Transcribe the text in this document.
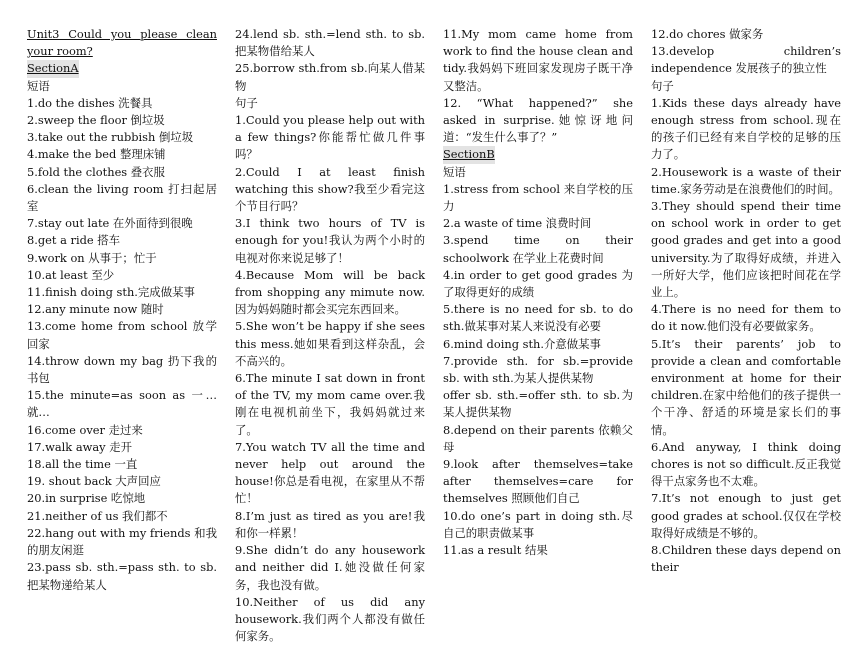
Unit3 Could you please clean your room?

SectionA

短语

1.do the dishes 洗餐具

2.sweep the floor 倒垃圾

3.take out the rubbish 倒垃圾

4.make the bed 整理床铺

5.fold the clothes 叠衣服

6.clean the living room 打扫起居室

7.stay out late 在外面待到很晚

8.get a ride 搭车

9.work on 从事于；忙于

10.at least 至少

11.finish doing sth.完成做某事

12.any minute now 随时

13.come home from school 放学回家

14.throw down my bag 扔下我的书包

15.the minute=as soon as 一…就…

16.come over 走过来

17.walk away 走开

18.all the time 一直

19. shout back 大声回应

20.in surprise 吃惊地

21.neither of us 我们都不

22.hang out with my friends 和我的朋友闲逛

23.pass sb. sth.=pass sth. to sb.把某物递给某人

24.lend sb. sth.=lend sth. to sb.把某物借给某人

25.borrow sth.from sb.向某人借某物

句子

1.Could you please help out with a few things?你能帮忙做几件事吗？

2.Could I at least finish watching this show?我至少看完这个节目行吗？

3.I think two hours of TV is enough for you!我认为两个小时的电视对你来说足够了！

4.Because Mom will be back from shopping any mimute now.因为妈妈随时都会买完东西回来。

5.She won’t be happy if she sees this mess.她如果看到这样杂乱，会不高兴的。

6.The minute I sat down in front of the TV, my mom came over.我刚在电视机前坐下，我妈妈就过来了。

7.You watch TV all the time and never help out around the house!你总是看电视，在家里从不帮忙！

8.I’m just as tired as you are!我和你一样累！

9.She didn’t do any housework and neither did I.她没做任何家务，我也没有做。

10.Neither of us did any housework.我们两个人都没有做任何家务。

11.My mom came home from work to find the house clean and tidy.我妈妈下班回家发现房子既干净又整洁。

12. “What happened?” she asked in surprise.她惊讶地问道：“发生什么事了？”

SectionB

短语

1.stress from school 来自学校的压力

2.a waste of time 浪费时间

3.spend time on their schoolwork 在学业上花费时间

4.in order to get good grades 为了取得更好的成绩

5.there is no need for sb. to do sth.做某事对某人来说没有必要

6.mind doing sth.介意做某事

7.provide sth. for sb.=provide sb. with sth.为某人提供某物

offer sb. sth.=offer sth. to sb.为某人提供某物

8.depend on their parents 依赖父母

9.look after themselves=take after themselves=care for themselves 照顾他们自己

10.do one’s part in doing sth.尽自己的职责做某事

11.as a result 结果

12.do chores 做家务

13.develop children’s independence 发展孩子的独立性

句子

1.Kids these days already have enough stress from school.现在的孩子们已经有来自学校的足够的压力了。

2.Housework is a waste of their time.家务劳动是在浪费他们的时间。

3.They should spend their time on school work in order to get good grades and get into a good university.为了取得好成绩，并进入一所好大学，他们应该把时间花在学业上。

4.There is no need for them to do it now.他们没有必要做家务。

5.It’s their parents’ job to provide a clean and comfortable environment at home for their children.在家中给他们的孩子提供一个干净、舒适的环境是家长们的事情。

6.And anyway, I think doing chores is not so difficult.反正我觉得干点家务也不太难。

7.It’s not enough to just get good grades at school.仅仅在学校取得好成绩是不够的。

8.Children these days depend on their
